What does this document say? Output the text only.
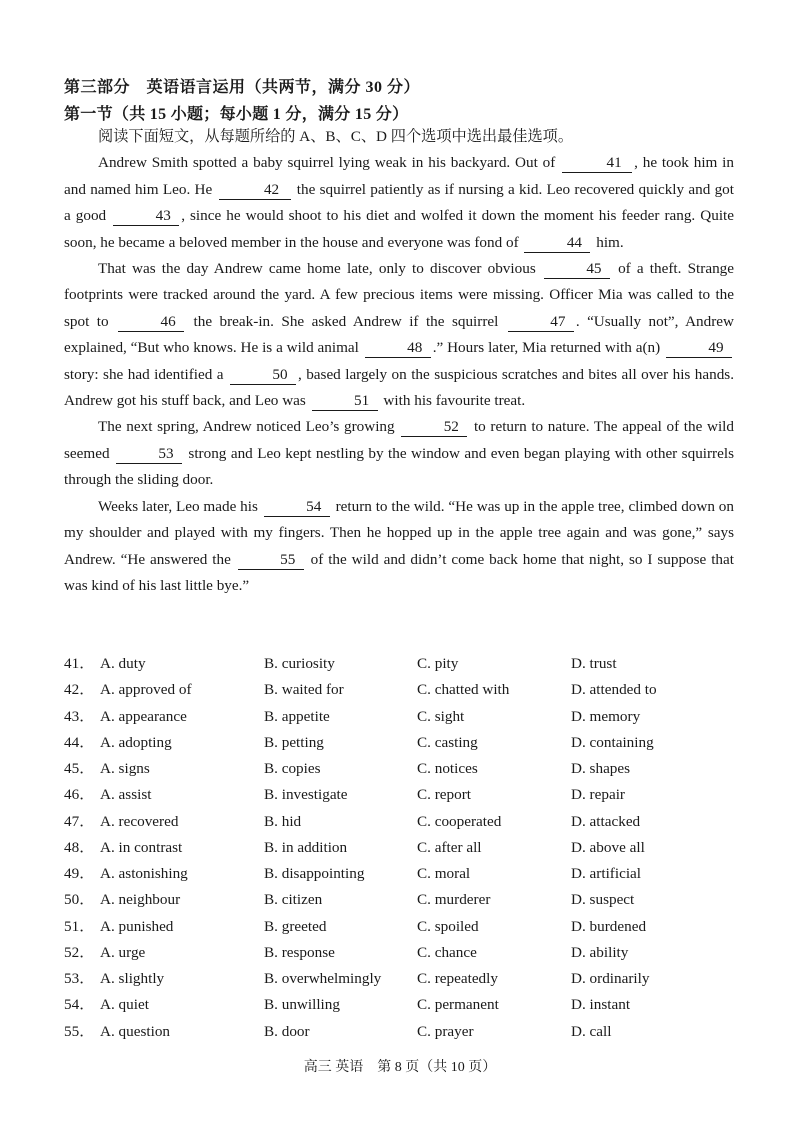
第三部分　英语语言运用（共两节，满分 30 分）
第一节（共 15 小题；每小题 1 分，满分 15 分）

阅读下面短文，从每题所给的 A、B、C、D 四个选项中选出最佳选项。

Andrew Smith spotted a baby squirrel lying weak in his backyard. Out of	41 , he took him in and named him Leo. He	42 the squirrel patiently as if nursing a kid. Leo recovered quickly and got a good	43 , since he would shoot to his diet and wolfed it down the moment his feeder rang. Quite soon, he became a beloved member in the house and everyone was fond of	44 him.

That was the day Andrew came home late, only to discover obvious	45 of a theft. Strange footprints were tracked around the yard. A few precious items were missing. Officer Mia was called to the spot to	46 the break-in. She asked Andrew if the squirrel	47 . “Usually not”, Andrew explained, “But who knows. He is a wild animal	48 .” Hours later, Mia returned with a(n)	49 story: she had identified a	50 , based largely on the suspicious scratches and bites all over his hands. Andrew got his stuff back, and Leo was	51 with his favourite treat.

The next spring, Andrew noticed Leo’s growing	52 to return to nature. The appeal of the wild seemed	53 strong and Leo kept nestling by the window and even began playing with other squirrels through the sliding door.

Weeks later, Leo made his	54 return to the wild. “He was up in the apple tree, climbed down on my shoulder and played with my fingers. Then he hopped up in the apple tree again and was gone,” says Andrew. “He answered the	55 of the wild and didn’t come back home that night, so I suppose that was kind of his last little bye.”

41． A. duty	B. curiosity	C. pity	D. trust
42． A. approved of	B. waited for	C. chatted with	D. attended to
43． A. appearance	B. appetite	C. sight	D. memory
44． A. adopting	B. petting	C. casting	D. containing
45． A. signs	B. copies	C. notices	D. shapes
46． A. assist	B. investigate	C. report	D. repair
47． A. recovered	B. hid	C. cooperated	D. attacked
48． A. in contrast	B. in addition	C. after all	D. above all
49． A. astonishing	B. disappointing	C. moral	D. artificial
50． A. neighbour	B. citizen	C. murderer	D. suspect
51． A. punished	B. greeted	C. spoiled	D. burdened
52． A. urge	B. response	C. chance	D. ability
53． A. slightly	B. overwhelmingly C. repeatedly	D. ordinarily
54． A. quiet	B. unwilling	C. permanent	D. instant
55． A. question	B. door	C. prayer	D. call
高三 英语　第 8 页（共 10 页）
